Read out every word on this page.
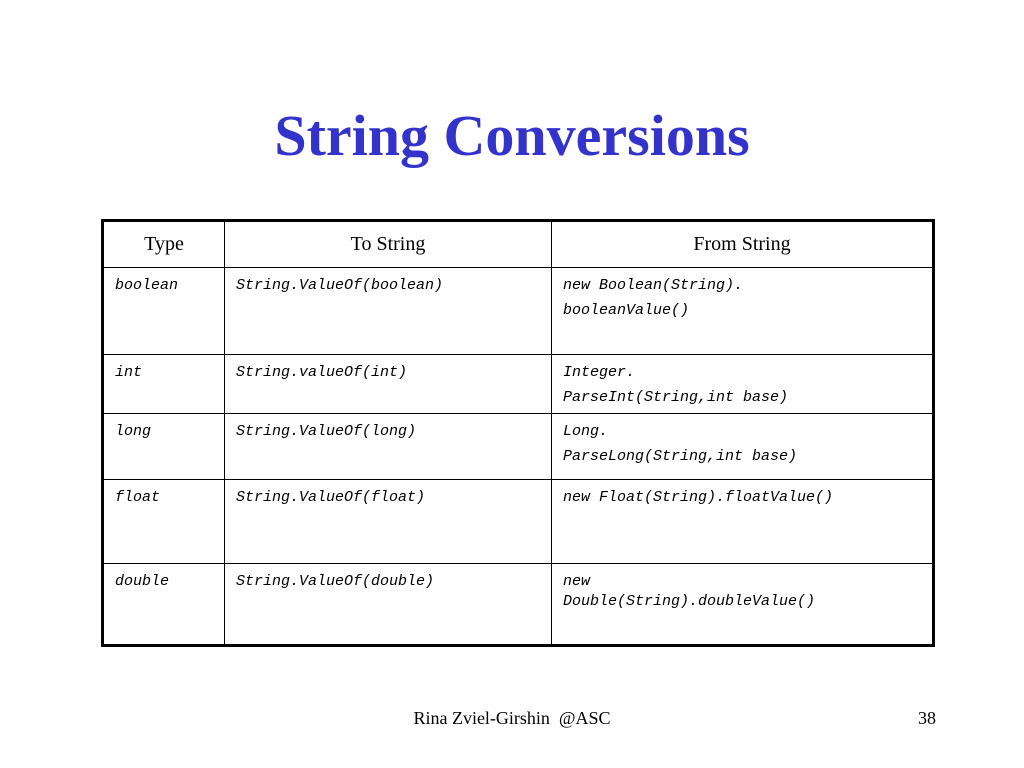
String Conversions
Type	To String	From String
boolean	String.ValueOf(boolean)	new Boolean(String).
booleanValue()

int	String.valueOf(int)	Integer.
ParseInt(String,int base)

long	String.ValueOf(long)	Long.
ParseLong(String,int base)

float	String.ValueOf(float)	new Float(String).floatValue()
double	String.ValueOf(double)	new
Double(String).doubleValue()
Rina Zviel-Girshin  @ASC	38
